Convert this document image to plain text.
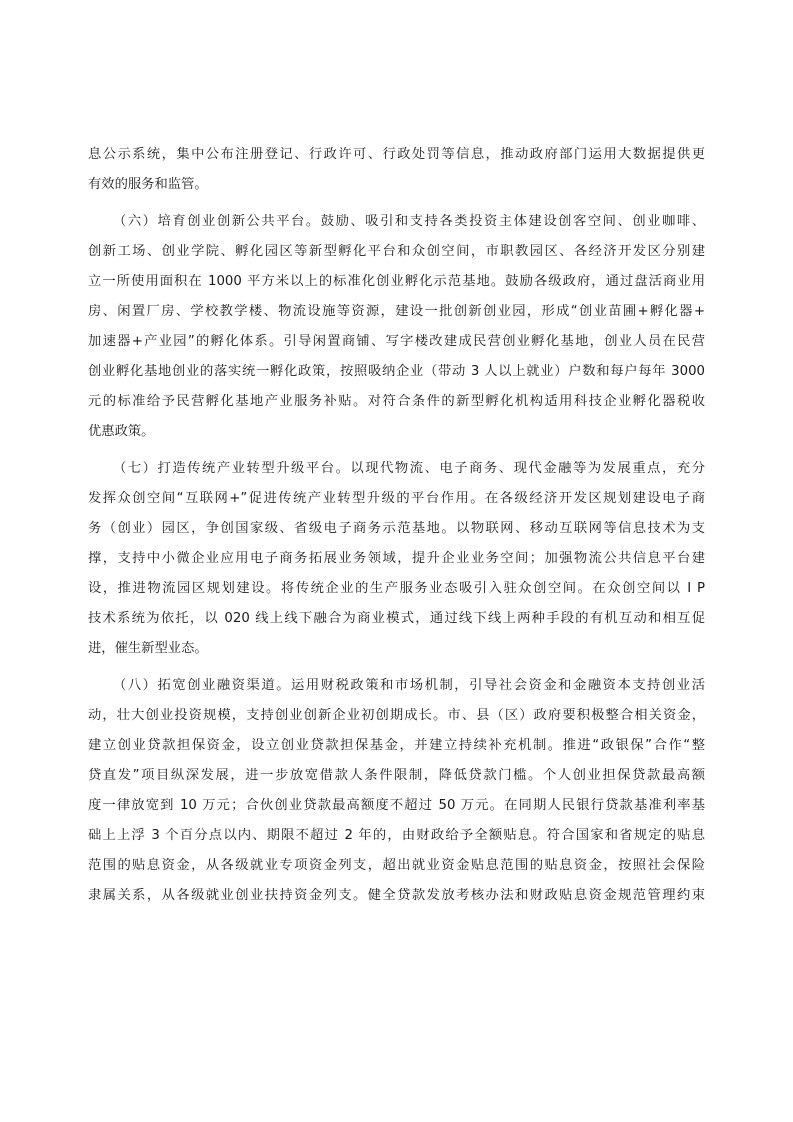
息公示系统，集中公布注册登记、行政许可、行政处罚等信息，推动政府部门运用大数据提供更

有效的服务和监管。

（六）培育创业创新公共平台。鼓励、吸引和支持各类投资主体建设创客空间、创业咖啡、

创新工场、创业学院、孵化园区等新型孵化平台和众创空间，市职教园区、各经济开发区分别建

立一所使用面积在 1000 平方米以上的标准化创业孵化示范基地。鼓励各级政府，通过盘活商业用

房、闲置厂房、学校教学楼、物流设施等资源，建设一批创新创业园，形成“创业苗圃+孵化器+

加速器+产业园”的孵化体系。引导闲置商铺、写字楼改建成民营创业孵化基地，创业人员在民营

创业孵化基地创业的落实统一孵化政策，按照吸纳企业（带动 3 人以上就业）户数和每户每年 3000

元的标准给予民营孵化基地产业服务补贴。对符合条件的新型孵化机构适用科技企业孵化器税收

优惠政策。

（七）打造传统产业转型升级平台。以现代物流、电子商务、现代金融等为发展重点，充分

发挥众创空间“互联网+”促进传统产业转型升级的平台作用。在各级经济开发区规划建设电子商

务（创业）园区，争创国家级、省级电子商务示范基地。以物联网、移动互联网等信息技术为支

撑，支持中小微企业应用电子商务拓展业务领域，提升企业业务空间；加强物流公共信息平台建

设，推进物流园区规划建设。将传统企业的生产服务业态吸引入驻众创空间。在众创空间以 I P

技术系统为依托，以 020 线上线下融合为商业模式，通过线下线上两种手段的有机互动和相互促

进，催生新型业态。

（八）拓宽创业融资渠道。运用财税政策和市场机制，引导社会资金和金融资本支持创业活

动，壮大创业投资规模，支持创业创新企业初创期成长。市、县（区）政府要积极整合相关资金，

建立创业贷款担保资金，设立创业贷款担保基金，并建立持续补充机制。推进“政银保”合作“整

贷直发”项目纵深发展，进一步放宽借款人条件限制，降低贷款门槛。个人创业担保贷款最高额

度一律放宽到 10 万元；合伙创业贷款最高额度不超过 50 万元。在同期人民银行贷款基准利率基

础上上浮 3 个百分点以内、期限不超过 2 年的，由财政给予全额贴息。符合国家和省规定的贴息

范围的贴息资金，从各级就业专项资金列支，超出就业资金贴息范围的贴息资金，按照社会保险

隶属关系，从各级就业创业扶持资金列支。健全贷款发放考核办法和财政贴息资金规范管理约束
